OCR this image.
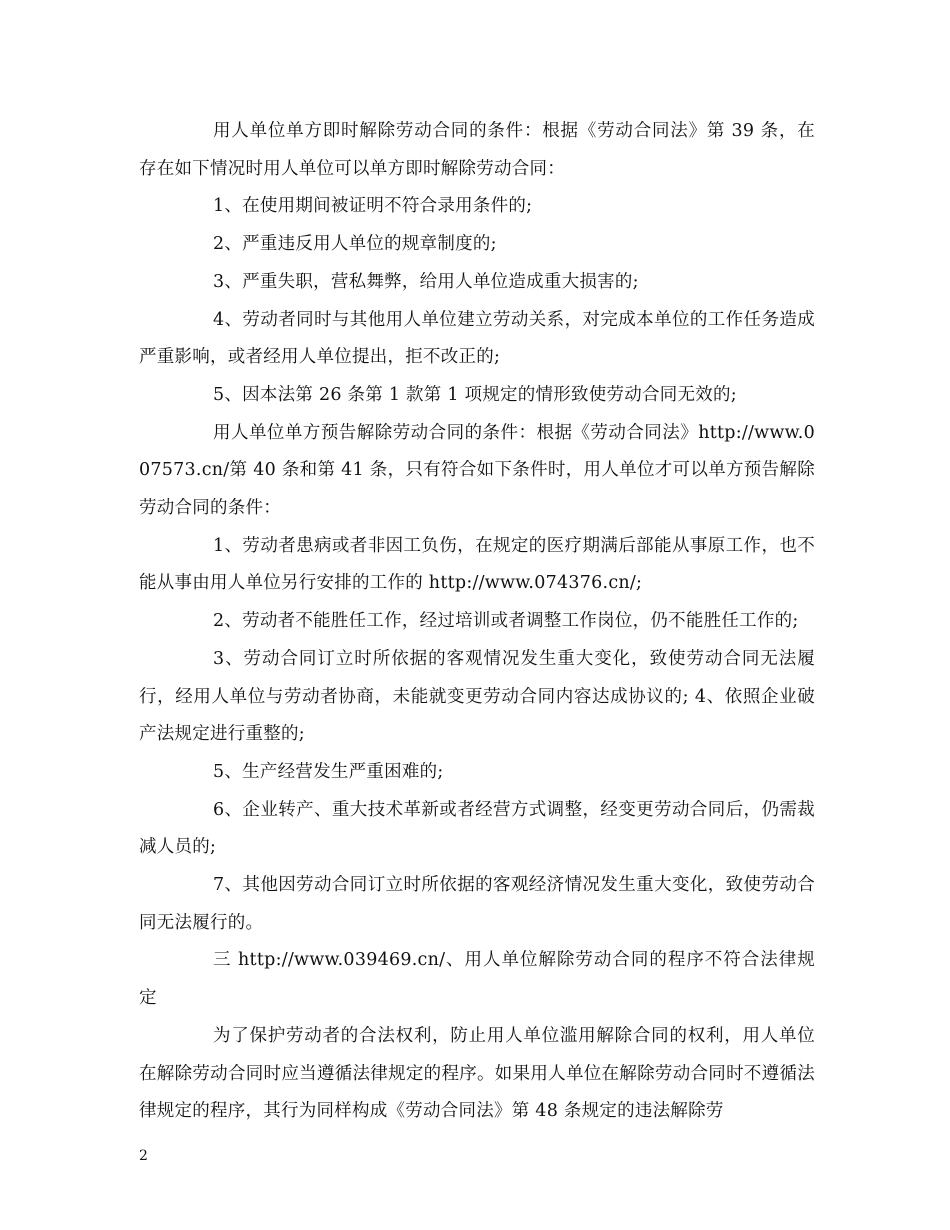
用人单位单方即时解除劳动合同的条件：根据《劳动合同法》第 39 条，在存在如下情况时用人单位可以单方即时解除劳动合同：

1、在使用期间被证明不符合录用条件的;

2、严重违反用人单位的规章制度的;

3、严重失职，营私舞弊，给用人单位造成重大损害的;

4、劳动者同时与其他用人单位建立劳动关系，对完成本单位的工作任务造成严重影响，或者经用人单位提出，拒不改正的;

5、因本法第 26 条第 1 款第 1 项规定的情形致使劳动合同无效的;

用人单位单方预告解除劳动合同的条件：根据《劳动合同法》http://www.007573.cn/第 40 条和第 41 条，只有符合如下条件时，用人单位才可以单方预告解除劳动合同的条件：

1、劳动者患病或者非因工负伤，在规定的医疗期满后部能从事原工作，也不能从事由用人单位另行安排的工作的 http://www.074376.cn/;

2、劳动者不能胜任工作，经过培训或者调整工作岗位，仍不能胜任工作的;

3、劳动合同订立时所依据的客观情况发生重大变化，致使劳动合同无法履行，经用人单位与劳动者协商，未能就变更劳动合同内容达成协议的; 4、依照企业破产法规定进行重整的;

5、生产经营发生严重困难的;

6、企业转产、重大技术革新或者经营方式调整，经变更劳动合同后，仍需裁减人员的;

7、其他因劳动合同订立时所依据的客观经济情况发生重大变化，致使劳动合同无法履行的。

三 http://www.039469.cn/、用人单位解除劳动合同的程序不符合法律规定

为了保护劳动者的合法权利，防止用人单位滥用解除合同的权利，用人单位在解除劳动合同时应当遵循法律规定的程序。如果用人单位在解除劳动合同时不遵循法律规定的程序，其行为同样构成《劳动合同法》第 48 条规定的违法解除劳

2
